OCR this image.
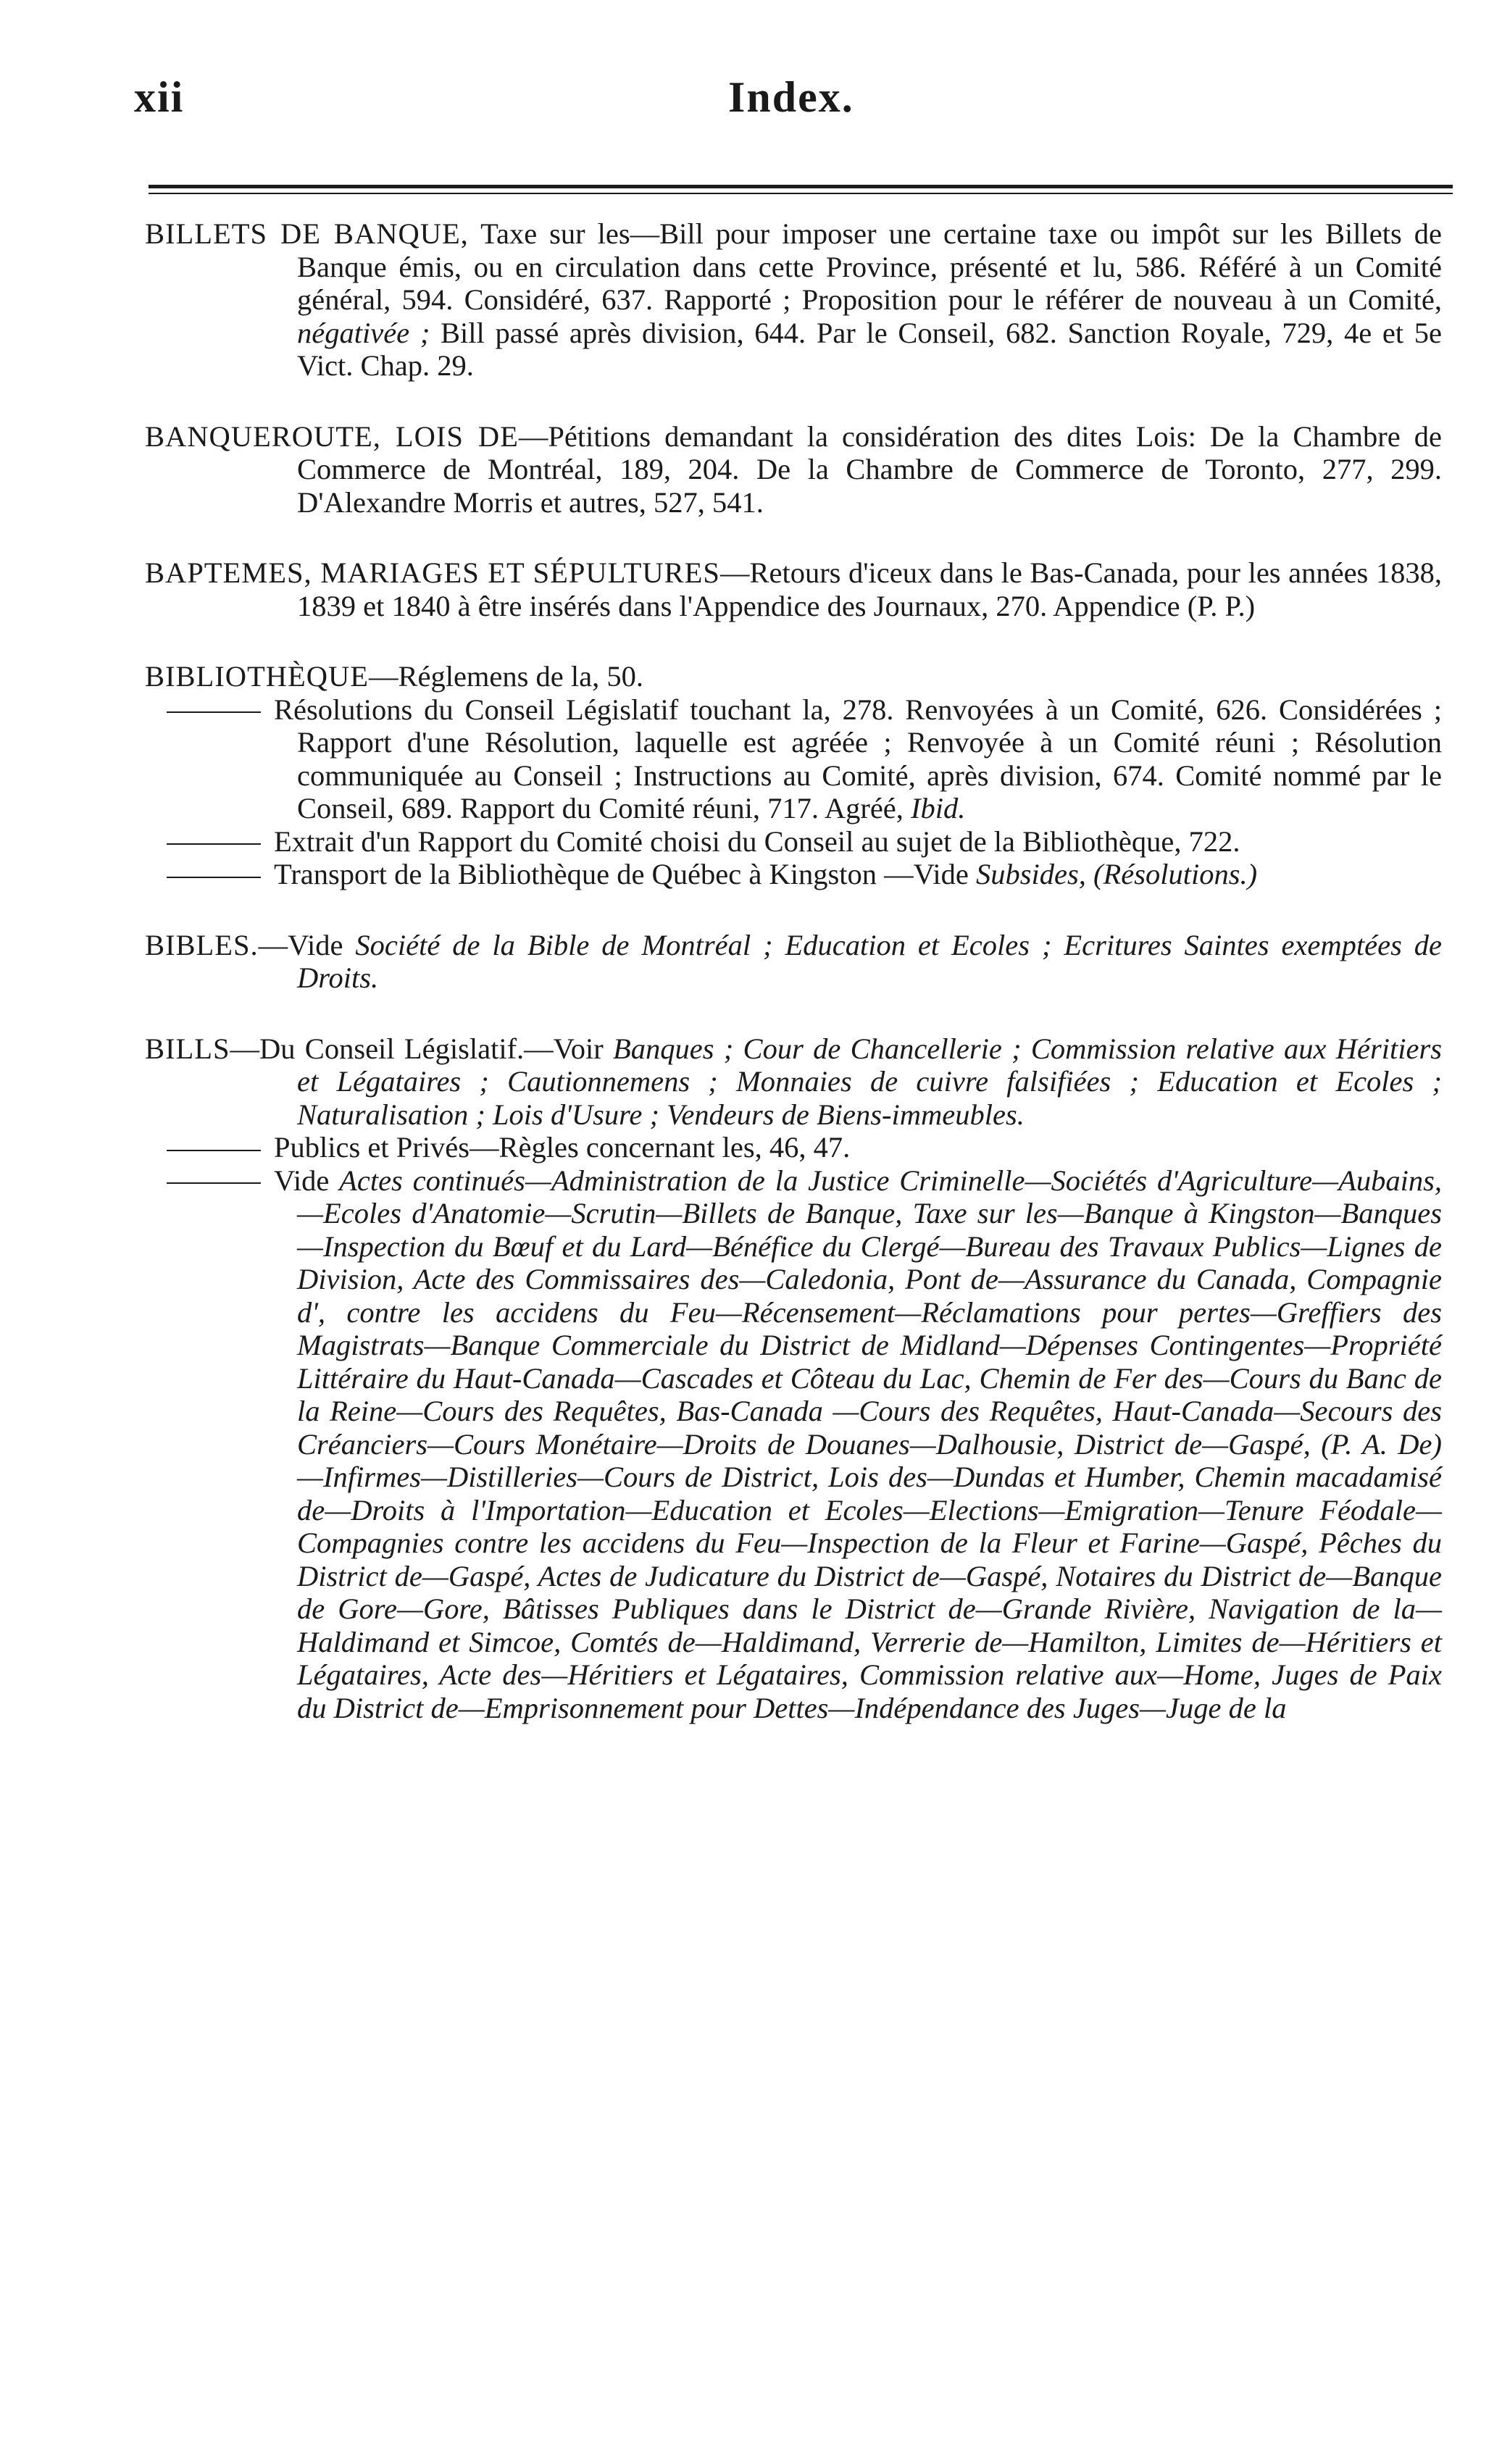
xii	Index.

BILLETS DE BANQUE, Taxe sur les—Bill pour imposer une certaine taxe ou impôt sur les Billets de Banque émis, ou en circulation dans cette Province, présenté et lu, 586. Référé à un Comité général, 594. Considéré, 637. Rapporté ; Proposition pour le référer de nouveau à un Comité, négativée ; Bill passé après division, 644. Par le Conseil, 682. Sanction Royale, 729, 4e et 5e Vict. Chap. 29.

BANQUEROUTE, LOIS DE—Pétitions demandant la considération des dites Lois: De la Chambre de Commerce de Montréal, 189, 204. De la Chambre de Commerce de Toronto, 277, 299. D'Alexandre Morris et autres, 527, 541.

BAPTEMES, MARIAGES ET SÉPULTURES—Retours d'iceux dans le Bas-Canada, pour les années 1838, 1839 et 1840 à être insérés dans l'Appendice des Journaux, 270. Appendice (P. P.)

BIBLIOTHÈQUE—Réglemens de la, 50.

Résolutions du Conseil Législatif touchant la, 278. Renvoyées à un Comité, 626. Considérées ; Rapport d'une Résolution, laquelle est agréée ; Renvoyée à un Comité réuni ; Résolution communiquée au Conseil ; Instructions au Comité, après division, 674. Comité nommé par le Conseil, 689. Rapport du Comité réuni, 717. Agréé, Ibid.

Extrait d'un Rapport du Comité choisi du Conseil au sujet de la Bibliothèque, 722.

Transport de la Bibliothèque de Québec à Kingston —Vide Subsides, (Résolutions.)

BIBLES.—Vide Société de la Bible de Montréal ; Education et Ecoles ; Ecritures Saintes exemptées de Droits.

BILLS—Du Conseil Législatif.—Voir Banques ; Cour de Chancellerie ; Commission relative aux Héritiers et Légataires ; Cautionnemens ; Monnaies de cuivre falsifiées ; Education et Ecoles ; Naturalisation ; Lois d'Usure ; Vendeurs de Biens-immeubles.

Publics et Privés—Règles concernant les, 46, 47.

Vide Actes continués—Administration de la Justice Criminelle—Sociétés d'Agriculture—Aubains,—Ecoles d'Anatomie—Scrutin—Billets de Banque, Taxe sur les—Banque à Kingston—Banques—Inspection du Bœuf et du Lard—Bénéfice du Clergé—Bureau des Travaux Publics—Lignes de Division, Acte des Commissaires des—Caledonia, Pont de—Assurance du Canada, Compagnie d', contre les accidens du Feu—Récensement—Réclamations pour pertes—Greffiers des Magistrats—Banque Commerciale du District de Midland—Dépenses Contingentes—Propriété Littéraire du Haut-Canada—Cascades et Côteau du Lac, Chemin de Fer des—Cours du Banc de la Reine—Cours des Requêtes, Bas-Canada —Cours des Requêtes, Haut-Canada—Secours des Créanciers—Cours Monétaire—Droits de Douanes—Dalhousie, District de—Gaspé, (P. A. De)—Infirmes—Distilleries—Cours de District, Lois des—Dundas et Humber, Chemin macadamisé de—Droits à l'Importation—Education et Ecoles—Elections—Emigration—Tenure Féodale—Compagnies contre les accidens du Feu—Inspection de la Fleur et Farine—Gaspé, Pêches du District de—Gaspé, Actes de Judicature du District de—Gaspé, Notaires du District de—Banque de Gore—Gore, Bâtisses Publiques dans le District de—Grande Rivière, Navigation de la—Haldimand et Simcoe, Comtés de—Haldimand, Verrerie de—Hamilton, Limites de—Héritiers et Légataires, Acte des—Héritiers et Légataires, Commission relative aux—Home, Juges de Paix du District de—Emprisonnement pour Dettes—Indépendance des Juges—Juge de la
